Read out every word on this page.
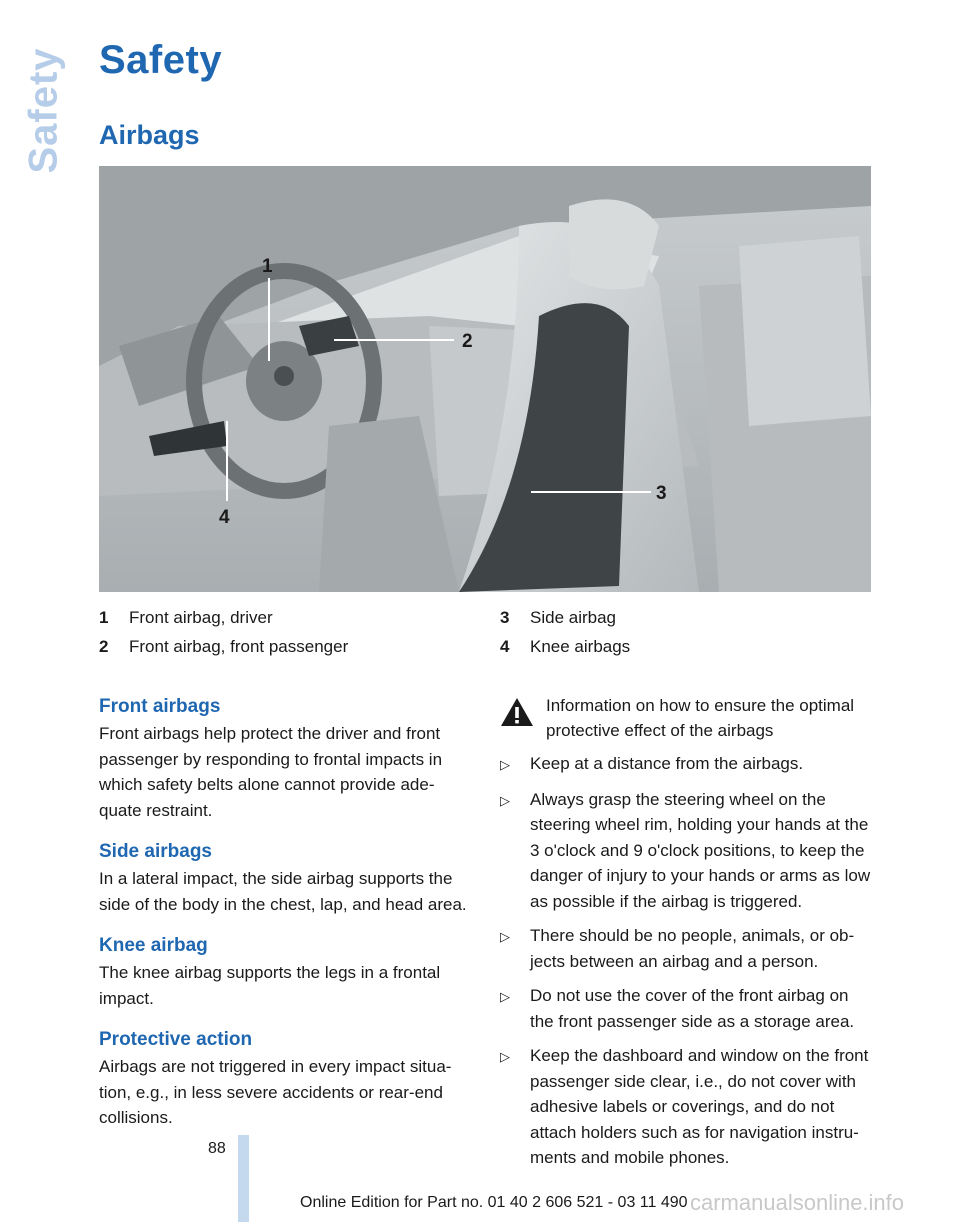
Safety Safety
Airbags
1
2
3
4
1	Front airbag, driver
2	Front airbag, front passenger
3	Side airbag
4	Knee airbags
Front airbags

Front airbags help protect the driver and front passenger by responding to frontal impacts in which safety belts alone cannot provide ade‐quate restraint.

Side airbags

In a lateral impact, the side airbag supports the side of the body in the chest, lap, and head area.

Knee airbag

The knee airbag supports the legs in a frontal impact.

Protective action

Airbags are not triggered in every impact situa‐tion, e.g., in less severe accidents or rear-end collisions.

Information on how to ensure the optimal protective effect of the airbags
▷	Keep at a distance from the airbags.
▷	Always grasp the steering wheel on the steering wheel rim, holding your hands at the 3 o'clock and 9 o'clock positions, to keep the danger of injury to your hands or arms as low as possible if the airbag is triggered.
▷	There should be no people, animals, or ob‐jects between an airbag and a person.
▷	Do not use the cover of the front airbag on the front passenger side as a storage area.
▷	Keep the dashboard and window on the front passenger side clear, i.e., do not cover with adhesive labels or coverings, and do not attach holders such as for navigation instru‐ments and mobile phones.
88
Online Edition for Part no. 01 40 2 606 521 - 03 11 490 carmanualsonline.info
